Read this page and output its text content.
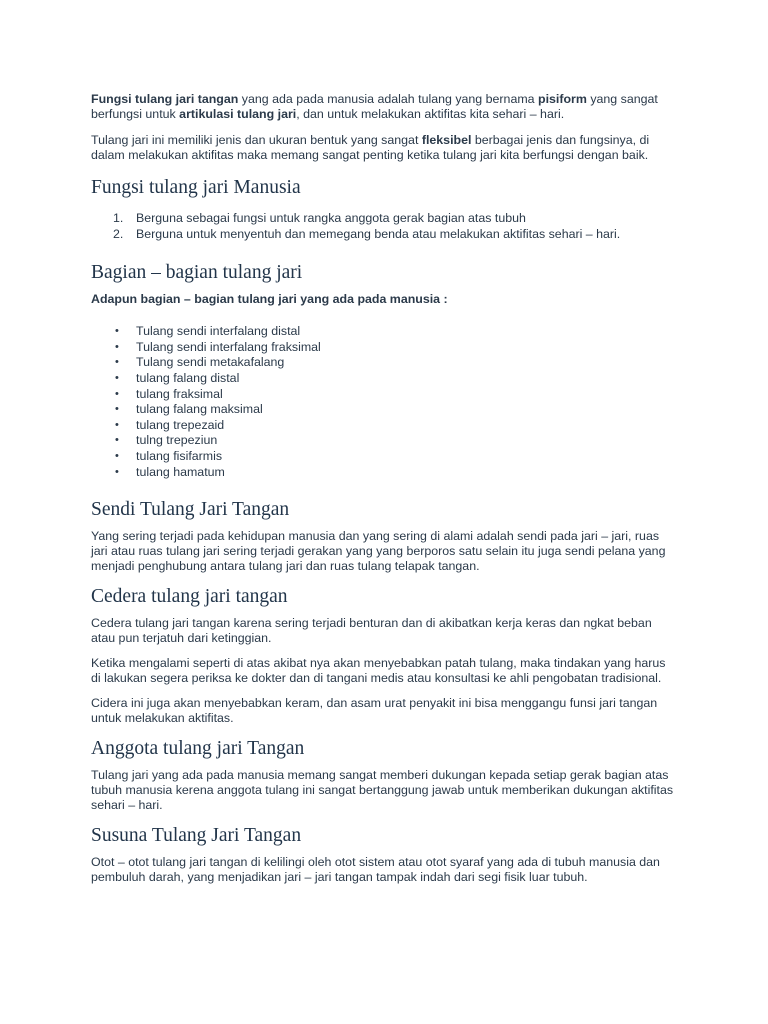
Fungsi tulang jari tangan yang ada pada manusia adalah tulang yang bernama pisiform yang sangat berfungsi untuk artikulasi tulang jari, dan untuk melakukan aktifitas kita sehari – hari.

Tulang jari ini memiliki jenis dan ukuran bentuk yang sangat fleksibel berbagai jenis dan fungsinya, di dalam melakukan aktifitas maka memang sangat penting ketika tulang jari kita berfungsi dengan baik.

Fungsi tulang jari Manusia
1. Berguna sebagai fungsi untuk rangka anggota gerak bagian atas tubuh
2. Berguna untuk menyentuh dan memegang benda atau melakukan aktifitas sehari – hari.
Bagian – bagian tulang jari

Adapun bagian – bagian tulang jari yang ada pada manusia :

• Tulang sendi interfalang distal
• Tulang sendi interfalang fraksimal
• Tulang sendi metakafalang
• tulang falang distal
• tulang fraksimal
• tulang falang maksimal
• tulang trepezaid
• tulng trepeziun
• tulang fisifarmis
• tulang hamatum
Sendi Tulang Jari Tangan

Yang sering terjadi pada kehidupan manusia dan yang sering di alami adalah sendi pada jari – jari, ruas jari atau ruas tulang jari sering terjadi gerakan yang yang berporos satu selain itu juga sendi pelana yang menjadi penghubung antara tulang jari dan ruas tulang telapak tangan.

Cedera tulang jari tangan

Cedera tulang jari tangan karena sering terjadi benturan dan di akibatkan kerja keras dan ngkat beban atau pun terjatuh dari ketinggian.

Ketika mengalami seperti di atas akibat nya akan menyebabkan patah tulang, maka tindakan yang harus di lakukan segera periksa ke dokter dan di tangani medis atau konsultasi ke ahli pengobatan tradisional.

Cidera ini juga akan menyebabkan keram, dan asam urat penyakit ini bisa menggangu funsi jari tangan untuk melakukan aktifitas.

Anggota tulang jari Tangan

Tulang jari yang ada pada manusia memang sangat memberi dukungan kepada setiap gerak bagian atas tubuh manusia kerena anggota tulang ini sangat bertanggung jawab untuk memberikan dukungan aktifitas sehari – hari.

Susuna Tulang Jari Tangan

Otot – otot tulang jari tangan di kelilingi oleh otot sistem atau otot syaraf yang ada di tubuh manusia dan pembuluh darah, yang menjadikan jari – jari tangan tampak indah dari segi fisik luar tubuh.
